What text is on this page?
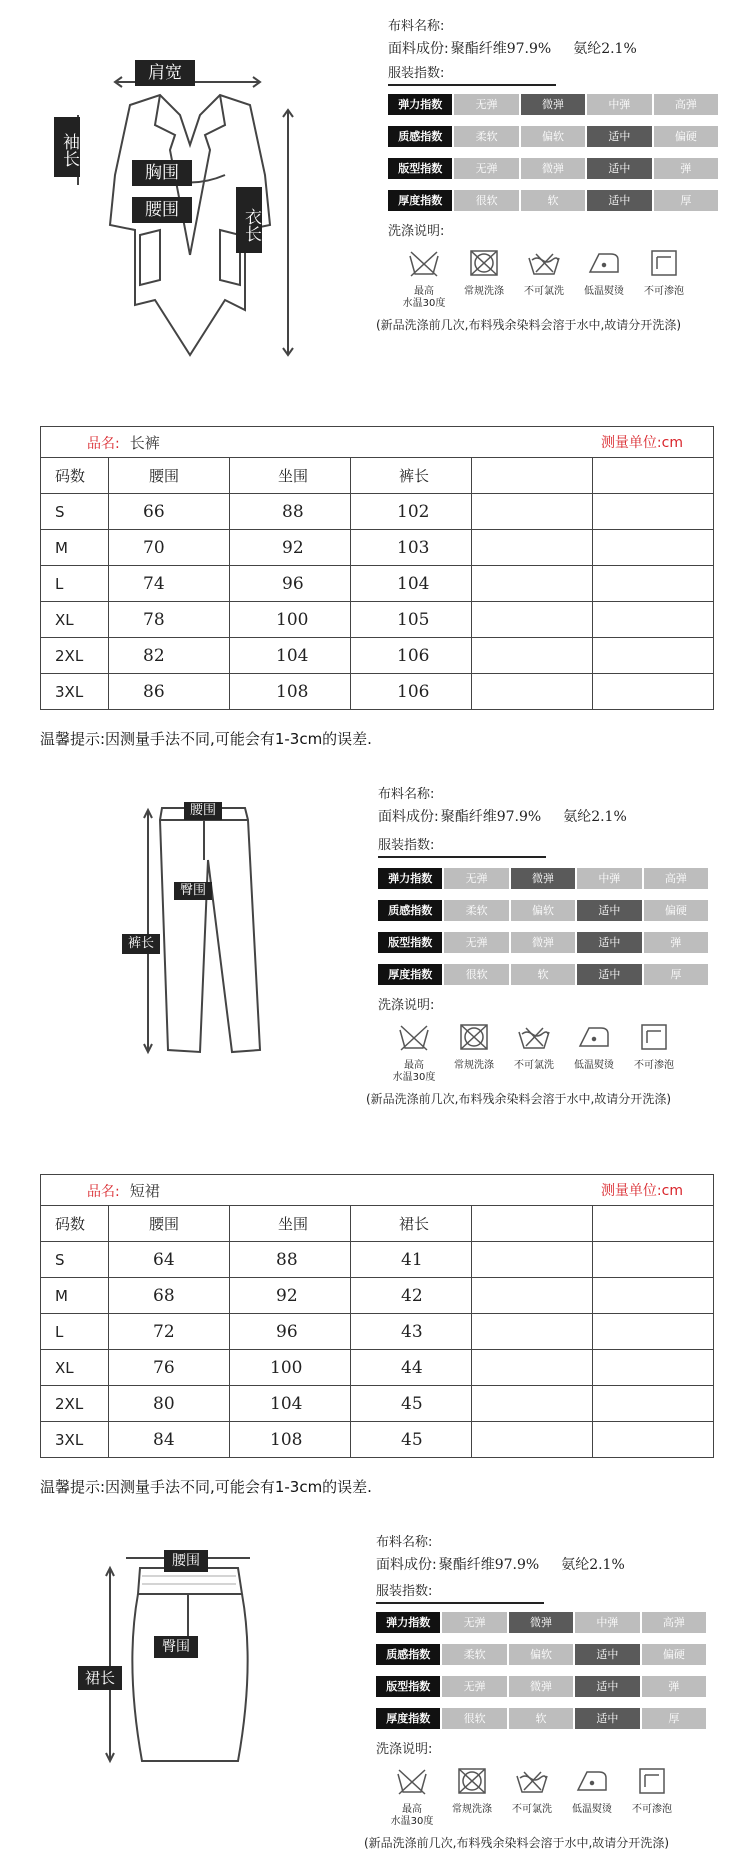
肩宽
袖长
胸围
腰围	衣长
布料名称:
面料成份: 聚酯纤维97.9% 氨纶2.1%
服装指数:
弹力指数	无弹	微弹	中弹	高弹
质感指数	柔软	偏软	适中	偏硬
版型指数	无弹	微弹	适中	弹
厚度指数	很软	软	适中	厚
洗涤说明:
最高
水温30度
常规洗涤	不可氯洗	低温熨烫	不可渗泡
(新品洗涤前几次,布料残余染料会溶于水中,故请分开洗涤)
品名: 长裤 测量单位:cm					

码数	腰围	坐围	裤长		
S	66	88	102		
M	70	92	103		
L	74	96	104		
XL	78	100	105		
2XL	82	104	106		
3XL	86	108	106		
温馨提示:因测量手法不同,可能会有1-3cm的误差.
腰围
臀围
裤长
布料名称:
面料成份: 聚酯纤维97.9% 氨纶2.1%
服装指数:
弹力指数	无弹	微弹	中弹	高弹
质感指数	柔软	偏软	适中	偏硬
版型指数	无弹	微弹	适中	弹
厚度指数	很软	软	适中	厚
洗涤说明:
最高
水温30度
常规洗涤	不可氯洗	低温熨烫	不可渗泡
(新品洗涤前几次,布料残余染料会溶于水中,故请分开洗涤)
品名: 短裙 测量单位:cm					

码数	腰围	坐围	裙长		
S	64	88	41		
M	68	92	42		
L	72	96	43		
XL	76	100	44		
2XL	80	104	45		
3XL	84	108	45		
温馨提示:因测量手法不同,可能会有1-3cm的误差.
腰围
臀围
裙长
布料名称:
面料成份: 聚酯纤维97.9% 氨纶2.1%
服装指数:
弹力指数	无弹	微弹	中弹	高弹
质感指数	柔软	偏软	适中	偏硬
版型指数	无弹	微弹	适中	弹
厚度指数	很软	软	适中	厚
洗涤说明:
最高
水温30度
常规洗涤	不可氯洗	低温熨烫	不可渗泡
(新品洗涤前几次,布料残余染料会溶于水中,故请分开洗涤)
